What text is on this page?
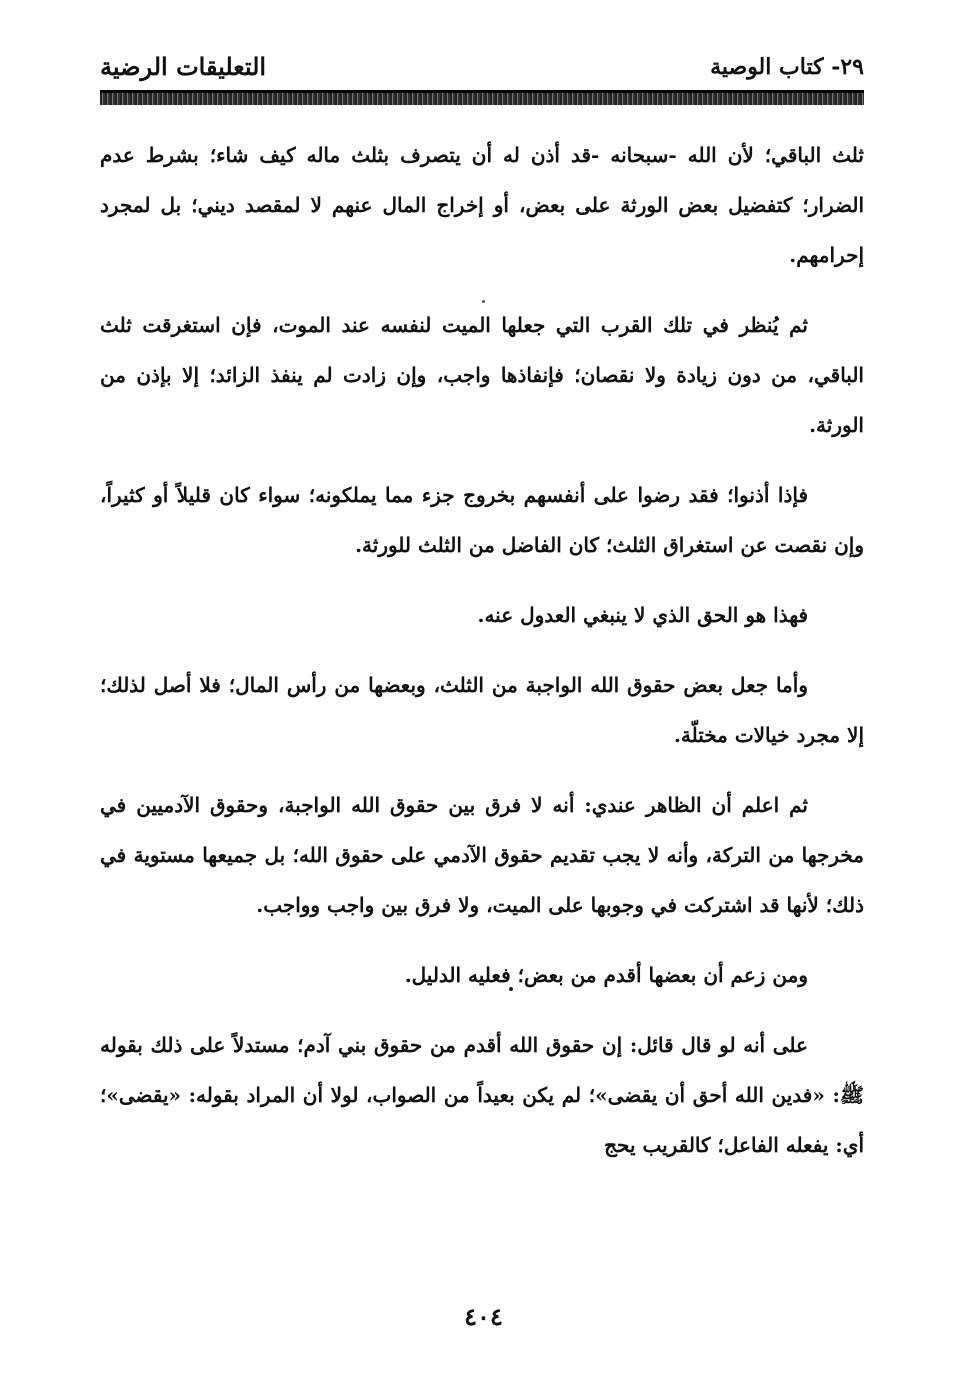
٢٩- كتاب الوصية
التعليقات الرضية

ثلث الباقي؛ لأن الله -سبحانه -قد أذن له أن يتصرف بثلث ماله كيف شاء؛ بشرط عدم الضرار؛ كتفضيل بعض الورثة على بعض، أو إخراج المال عنهم لا لمقصد ديني؛ بل لمجرد إحرامهم.

ثم يُنظر في تلك القرب التي جعلها الميت لنفسه عند الموت، فإن استغرقت ثلث الباقي، من دون زيادة ولا نقصان؛ فإنفاذها واجب، وإن زادت لم ينفذ الزائد؛ إلا بإذن من الورثة.

فإذا أذنوا؛ فقد رضوا على أنفسهم بخروج جزء مما يملكونه؛ سواء كان قليلاً أو كثيراً، وإن نقصت عن استغراق الثلث؛ كان الفاضل من الثلث للورثة.

فهذا هو الحق الذي لا ينبغي العدول عنه.

وأما جعل بعض حقوق الله الواجبة من الثلث، وبعضها من رأس المال؛ فلا أصل لذلك؛ إلا مجرد خيالات مختلّة.

ثم اعلم أن الظاهر عندي: أنه لا فرق بين حقوق الله الواجبة، وحقوق الآدميين في مخرجها من التركة، وأنه لا يجب تقديم حقوق الآدمي على حقوق الله؛ بل جميعها مستوية في ذلك؛ لأنها قد اشتركت في وجوبها على الميت، ولا فرق بين واجب وواجب.

ومن زعم أن بعضها أقدم من بعض؛ فعليه الدليل.

على أنه لو قال قائل: إن حقوق الله أقدم من حقوق بني آدم؛ مستدلاً على ذلك بقوله ﷺ: «فدين الله أحق أن يقضى»؛ لم يكن بعيداً من الصواب، لولا أن المراد بقوله: «يقضى»؛ أي: يفعله الفاعل؛ كالقريب يحج

٤٠٤
